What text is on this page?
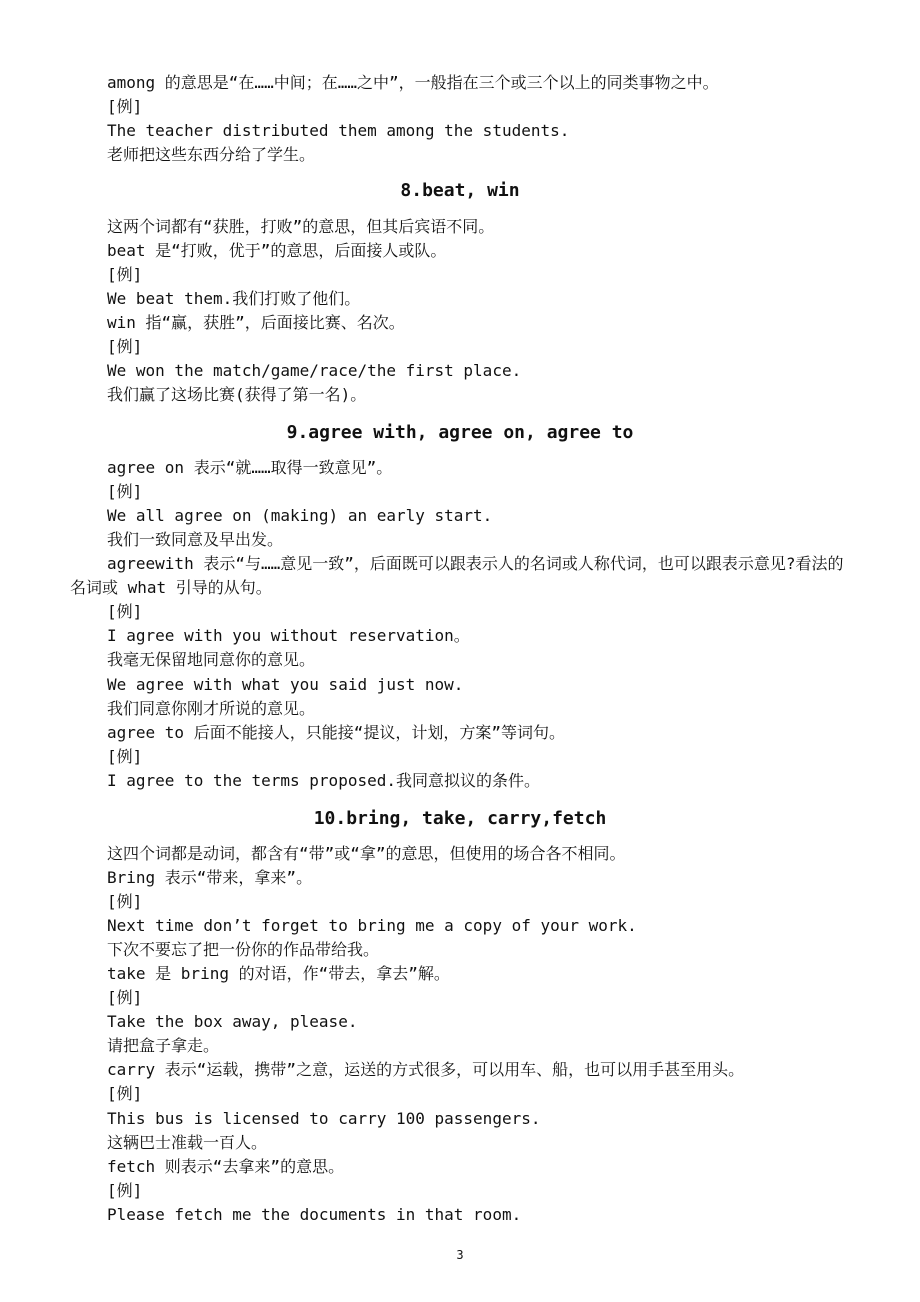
among 的意思是“在……中间；在……之中”，一般指在三个或三个以上的同类事物之中。
[例]
The teacher distributed them among the students.
老师把这些东西分给了学生。
8.beat, win
这两个词都有“获胜，打败”的意思，但其后宾语不同。
beat 是“打败，优于”的意思，后面接人或队。
[例]
We beat them.我们打败了他们。
win 指“赢，获胜”，后面接比赛、名次。
[例]
We won the match/game/race/the first place.
我们赢了这场比赛(获得了第一名)。
9.agree with, agree on, agree to
agree on 表示“就……取得一致意见”。
[例]
We all agree on (making) an early start.
我们一致同意及早出发。
agreewith 表示“与……意见一致”，后面既可以跟表示人的名词或人称代词，也可以跟表示意见?看法的名词或 what 引导的从句。
[例]
I agree with you without reservation。
我毫无保留地同意你的意见。
We agree with what you said just now.
我们同意你刚才所说的意见。
agree to 后面不能接人，只能接“提议，计划，方案”等词句。
[例]
I agree to the terms proposed.我同意拟议的条件。
10.bring, take, carry,fetch
这四个词都是动词，都含有“带”或“拿”的意思，但使用的场合各不相同。
Bring 表示“带来，拿来”。
[例]
Next time don’t forget to bring me a copy of your work.
下次不要忘了把一份你的作品带给我。
take 是 bring 的对语，作“带去，拿去”解。
[例]
Take the box away, please.
请把盒子拿走。
carry 表示“运载，携带”之意，运送的方式很多，可以用车、船，也可以用手甚至用头。
[例]
This bus is licensed to carry 100 passengers.
这辆巴士准载一百人。
fetch 则表示“去拿来”的意思。
[例]
Please fetch me the documents in that room.
3
